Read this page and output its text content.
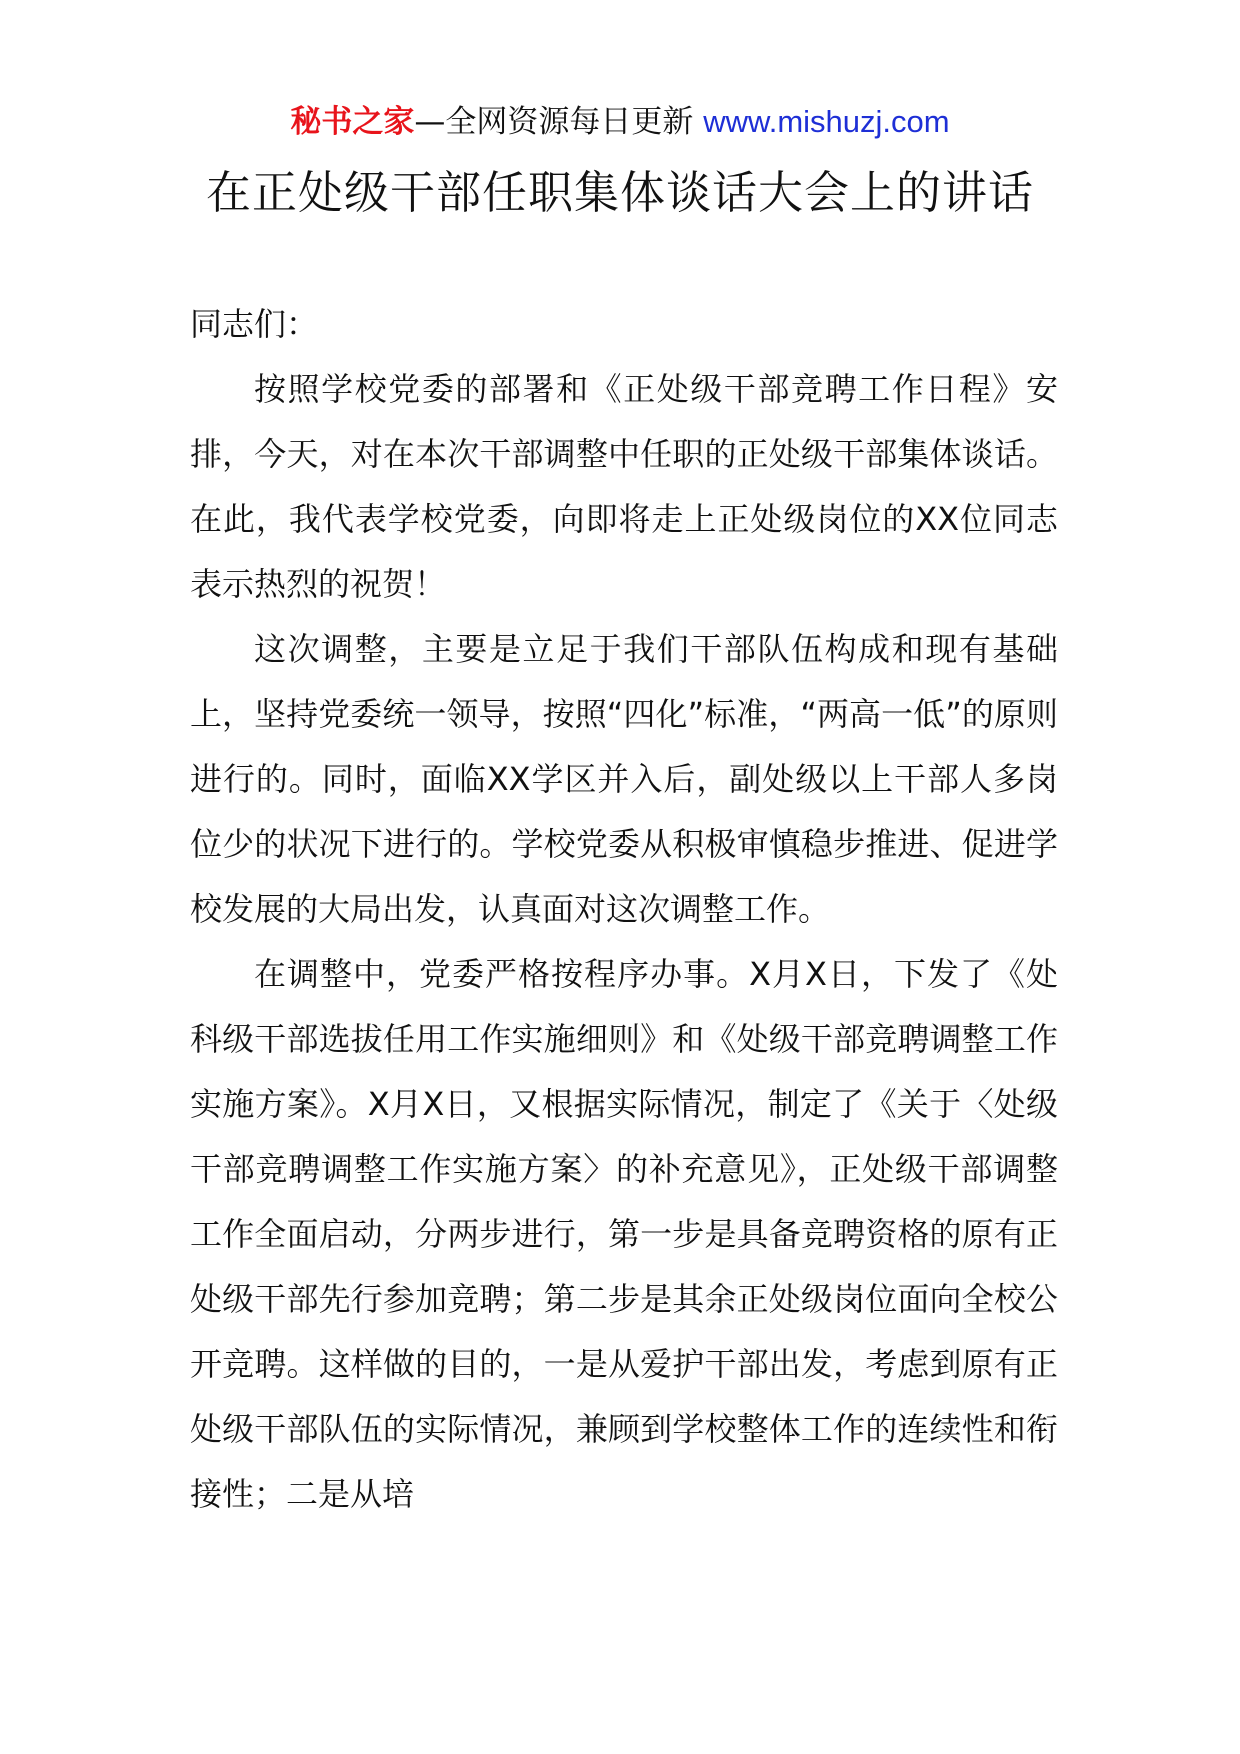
秘书之家—全网资源每日更新 www.mishuzj.com
在正处级干部任职集体谈话大会上的讲话

同志们：

按照学校党委的部署和《正处级干部竞聘工作日程》安排，今天，对在本次干部调整中任职的正处级干部集体谈话。在此，我代表学校党委，向即将走上正处级岗位的XX位同志表示热烈的祝贺！

这次调整，主要是立足于我们干部队伍构成和现有基础上，坚持党委统一领导，按照“四化”标准，“两高一低”的原则进行的。同时，面临XX学区并入后，副处级以上干部人多岗位少的状况下进行的。学校党委从积极审慎稳步推进、促进学校发展的大局出发，认真面对这次调整工作。

在调整中，党委严格按程序办事。X月X日，下发了《处科级干部选拔任用工作实施细则》和《处级干部竞聘调整工作实施方案》。X月X日，又根据实际情况，制定了《关于〈处级干部竞聘调整工作实施方案〉的补充意见》，正处级干部调整工作全面启动，分两步进行，第一步是具备竞聘资格的原有正处级干部先行参加竞聘；第二步是其余正处级岗位面向全校公开竞聘。这样做的目的，一是从爱护干部出发，考虑到原有正处级干部队伍的实际情况，兼顾到学校整体工作的连续性和衔接性；二是从培
